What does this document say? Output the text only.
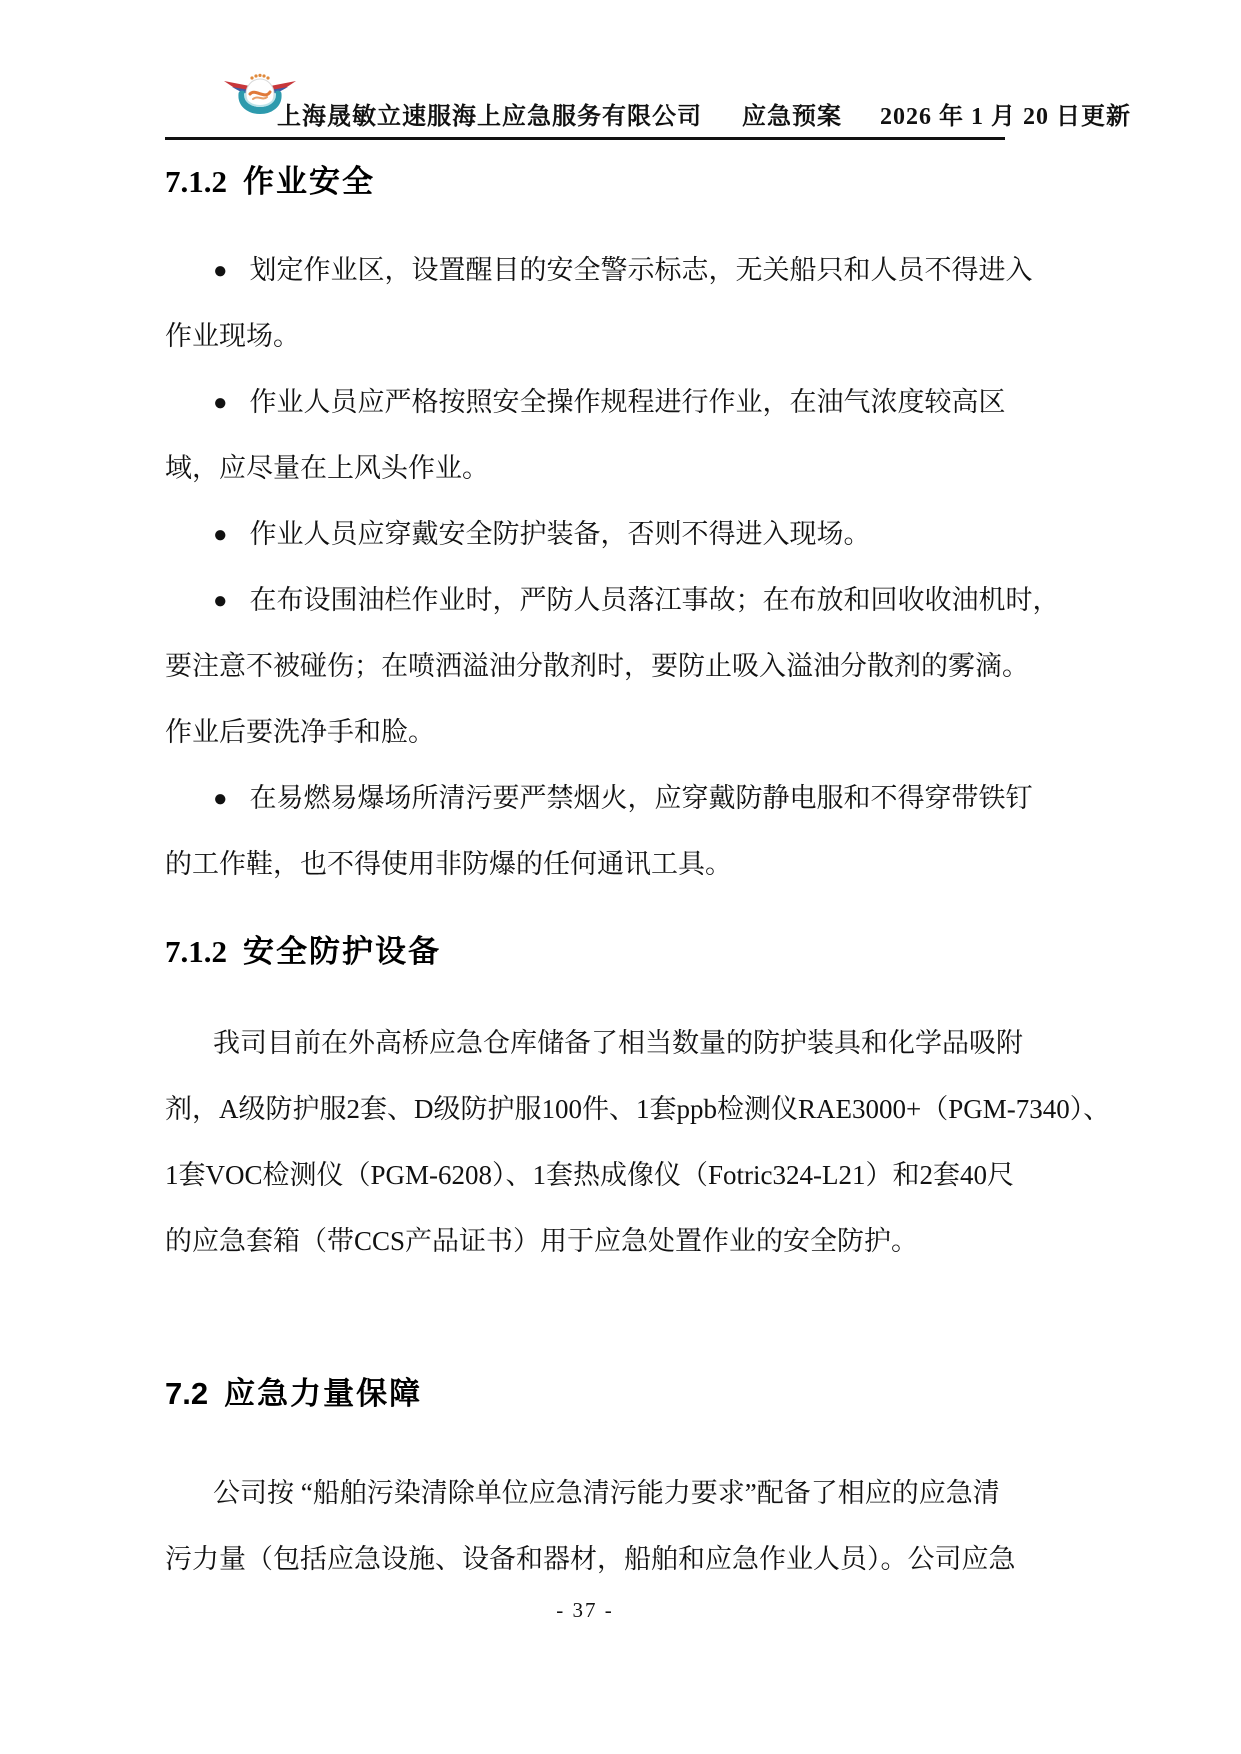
上海晟敏立速服海上应急服务有限公司 应急预案 2026 年 1 月 20 日更新
7.1.2 作业安全
● 划定作业区，设置醒目的安全警示标志，无关船只和人员不得进入
作业现场。
● 作业人员应严格按照安全操作规程进行作业，在油气浓度较高区
域，应尽量在上风头作业。
● 作业人员应穿戴安全防护装备，否则不得进入现场。
● 在布设围油栏作业时，严防人员落江事故；在布放和回收收油机时，
要注意不被碰伤；在喷洒溢油分散剂时，要防止吸入溢油分散剂的雾滴。
作业后要洗净手和脸。
● 在易燃易爆场所清污要严禁烟火，应穿戴防静电服和不得穿带铁钉
的工作鞋，也不得使用非防爆的任何通讯工具。
7.1.2 安全防护设备
我司目前在外高桥应急仓库储备了相当数量的防护装具和化学品吸附
剂，A级防护服2套、D级防护服100件、1套ppb检测仪RAE3000+（PGM-7340）、
1套VOC检测仪（PGM-6208）、1套热成像仪（Fotric324-L21）和2套40尺
的应急套箱（带CCS产品证书）用于应急处置作业的安全防护。
7.2 应急力量保障
公司按 “船舶污染清除单位应急清污能力要求”配备了相应的应急清
污力量（包括应急设施、设备和器材，船舶和应急作业人员）。公司应急
- 37 -
